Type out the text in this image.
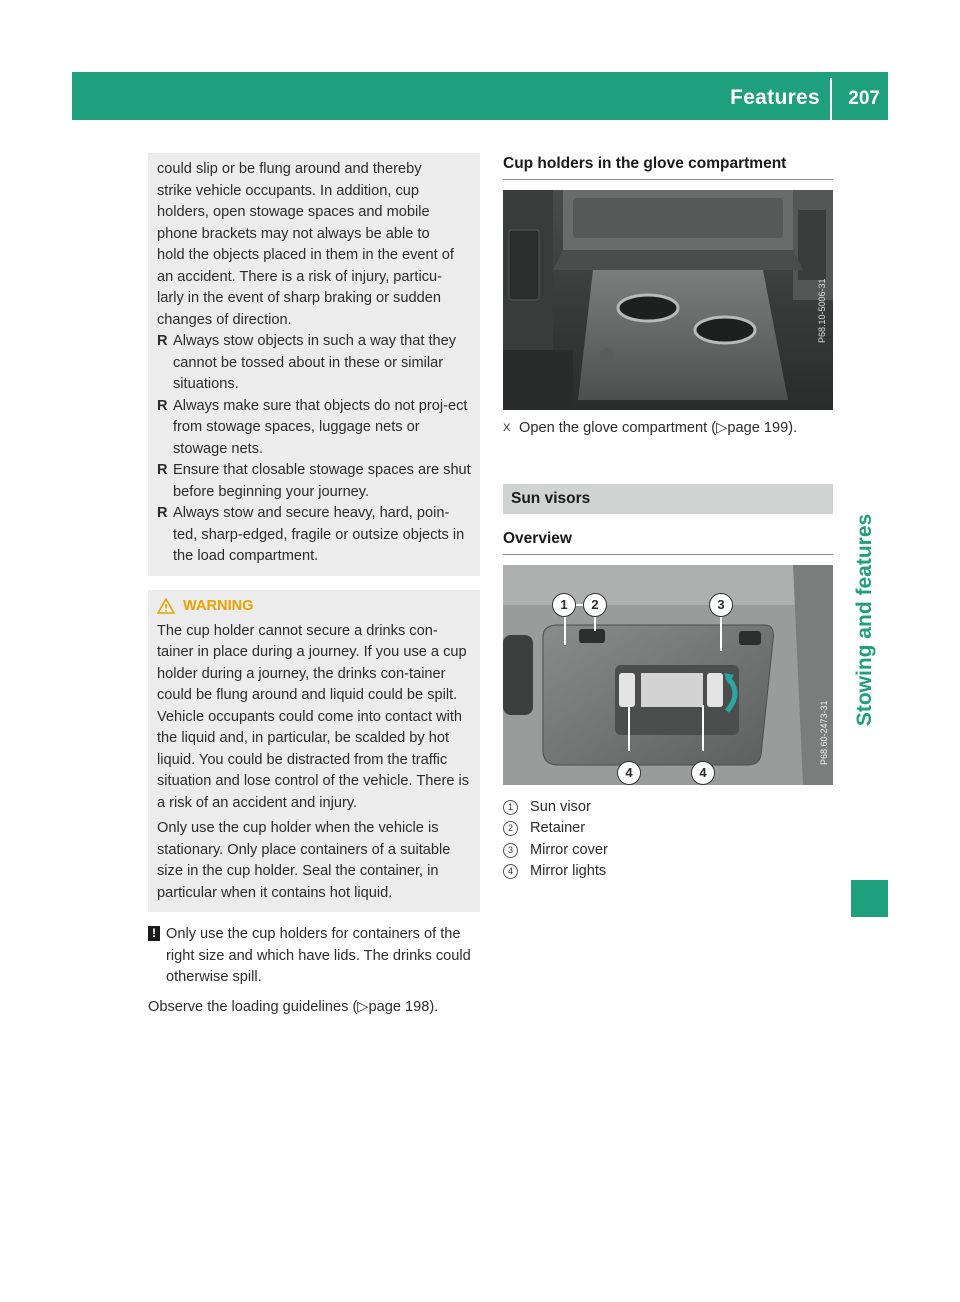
Features 207
Stowing and features

could slip or be flung around and thereby
strike vehicle occupants. In addition, cup
holders, open stowage spaces and mobile
phone brackets may not always be able to
hold the objects placed in them in the event of
an accident. There is a risk of injury, particu-
larly in the event of sharp braking or sudden
changes of direction.

R Always stow objects in such a way that they cannot be tossed about in these or similar situations.
R Always make sure that objects do not proj-ect from stowage spaces, luggage nets or stowage nets.
R Ensure that closable stowage spaces are shut before beginning your journey.
R Always stow and secure heavy, hard, poin-ted, sharp-edged, fragile or outsize objects in the load compartment.
WARNING

The cup holder cannot secure a drinks con-tainer in place during a journey. If you use a cup holder during a journey, the drinks con-tainer could be flung around and liquid could be spilt. Vehicle occupants could come into contact with the liquid and, in particular, be scalded by hot liquid. You could be distracted from the traffic situation and lose control of the vehicle. There is a risk of an accident and injury.

Only use the cup holder when the vehicle is stationary. Only place containers of a suitable size in the cup holder. Seal the container, in particular when it contains hot liquid.

! Only use the cup holders for containers of the right size and which have lids. The drinks could otherwise spill.

Observe the loading guidelines (▷page 198).

Cup holders in the glove compartment
P68.10-5006-31
X Open the glove compartment (▷page 199).
Sun visors
Overview
1	2	3
4	4
P68.60-2473-31
1	Sun visor
2	Retainer
3	Mirror cover
4	Mirror lights
